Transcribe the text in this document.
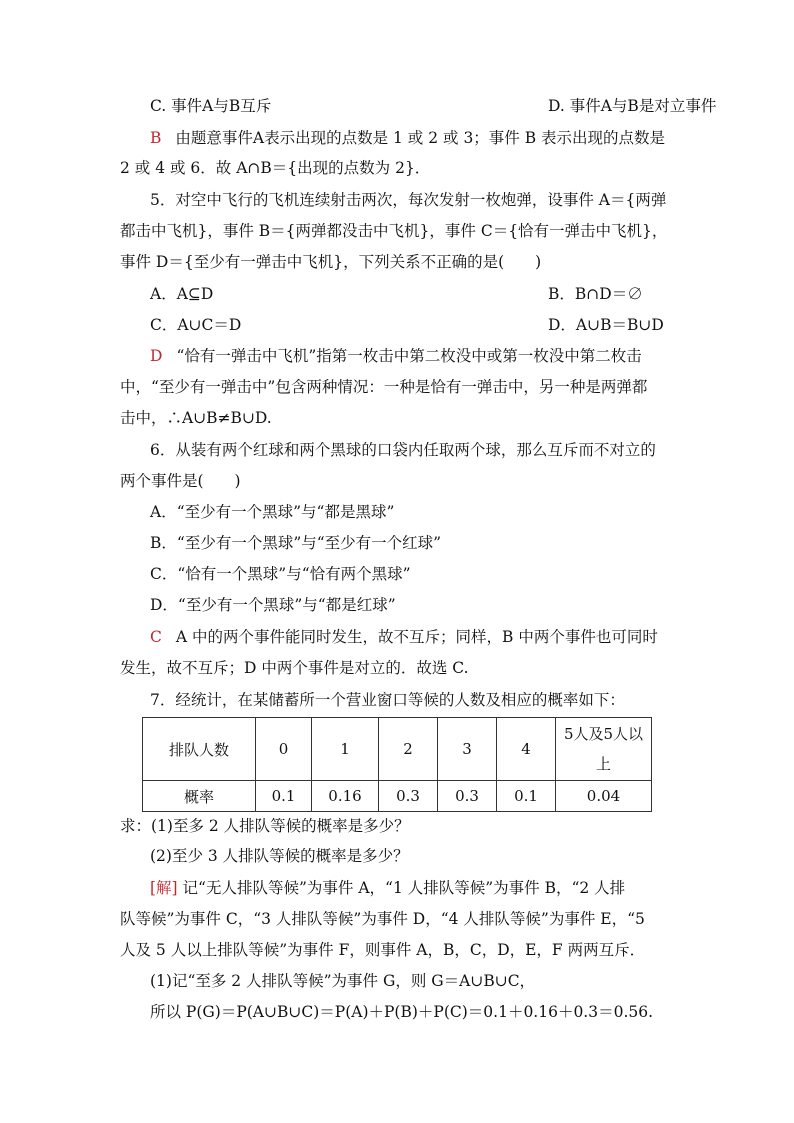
C. 事件A与B互斥	D. 事件A与B是对立事件
B 由题意事件A表示出现的点数是 1 或 2 或 3；事件 B 表示出现的点数是
2 或 4 或 6．故 A∩B＝{出现的点数为 2}．
5．对空中飞行的飞机连续射击两次，每次发射一枚炮弹，设事件 A＝{两弹
都击中飞机}，事件 B＝{两弹都没击中飞机}，事件 C＝{恰有一弹击中飞机}，
事件 D＝{至少有一弹击中飞机}，下列关系不正确的是(　　)
A．A⊆D	B．B∩D＝∅
C．A∪C＝D	D．A∪B＝B∪D
D “恰有一弹击中飞机”指第一枚击中第二枚没中或第一枚没中第二枚击
中，“至少有一弹击中”包含两种情况：一种是恰有一弹击中，另一种是两弹都
击中，∴A∪B≠B∪D.
6．从装有两个红球和两个黑球的口袋内任取两个球，那么互斥而不对立的
两个事件是(　　)
A．“至少有一个黑球”与“都是黑球”
B．“至少有一个黑球”与“至少有一个红球”
C．“恰有一个黑球”与“恰有两个黑球”
D．“至少有一个黑球”与“都是红球”
C A 中的两个事件能同时发生，故不互斥；同样，B 中两个事件也可同时
发生，故不互斥；D 中两个事件是对立的．故选 C.
7．经统计，在某储蓄所一个营业窗口等候的人数及相应的概率如下：
排队人数	0	1	2	3	4	5人及5人以
上

概率	0.1	0.16	0.3	0.3	0.1	0.04
求：(1)至多 2 人排队等候的概率是多少？
(2)至少 3 人排队等候的概率是多少？
[解] 记“无人排队等候”为事件 A，“1 人排队等候”为事件 B，“2 人排
队等候”为事件 C，“3 人排队等候”为事件 D，“4 人排队等候”为事件 E，“5
人及 5 人以上排队等候”为事件 F，则事件 A，B，C，D，E，F 两两互斥．
(1)记“至多 2 人排队等候”为事件 G，则 G＝A∪B∪C，
所以 P(G)＝P(A∪B∪C)＝P(A)＋P(B)＋P(C)＝0.1＋0.16＋0.3＝0.56.
